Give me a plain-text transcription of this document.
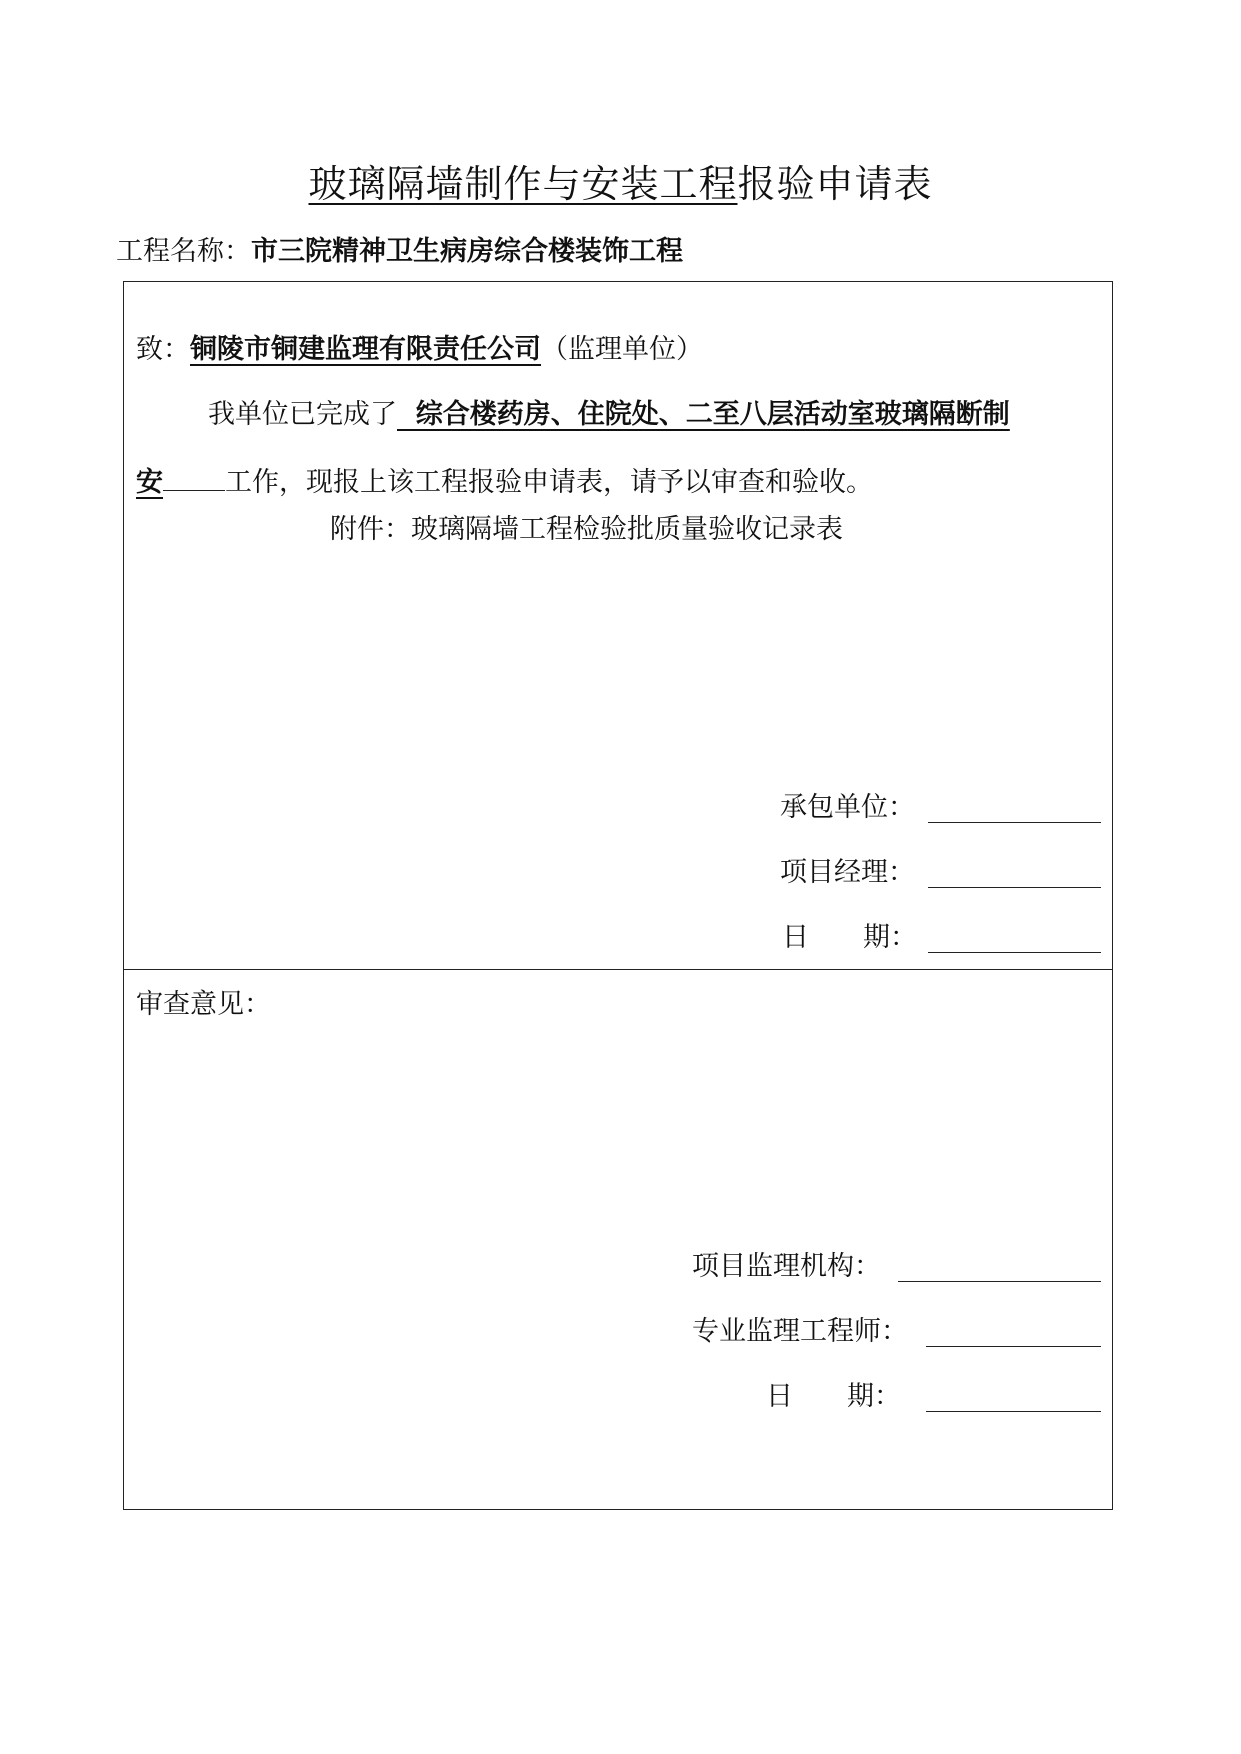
玻璃隔墙制作与安装工程报验申请表
工程名称：市三院精神卫生病房综合楼装饰工程
致：铜陵市铜建监理有限责任公司（监理单位）
我单位已完成了  综合楼药房、住院处、二至八层活动室玻璃隔断制
安 工作，现报上该工程报验申请表，请予以审查和验收。
附件：玻璃隔墙工程检验批质量验收记录表
承包单位：
项目经理：
日　　期：
审查意见：
项目监理机构：
专业监理工程师：
日　　期：
